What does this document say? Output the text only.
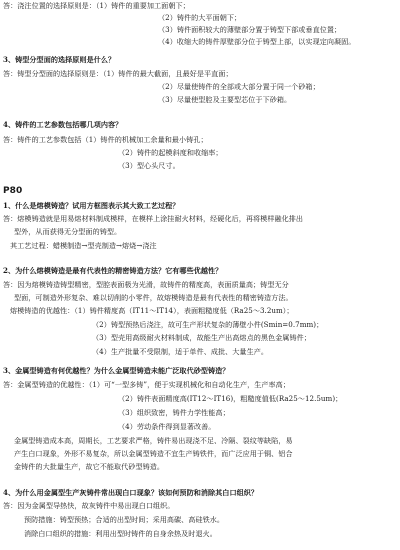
答：浇注位置的选择原则是：（1）铸件的重要加工面朝下；
（2）铸件的大平面朝下；
（3）铸件面积较大的薄壁部分置于铸型下部或垂直位置；
（4）收缩大的铸件厚壁部分位于铸型上部，以实现定向凝固。
3、铸型分型面的选择原则是什么？
答：铸型分型面的选择原则是：（1）铸件的最大截面，且最好是平直面；
（2）尽量使铸件的全部或大部分置于同一个砂箱；
（3）尽量使型腔及主要型芯位于下砂箱。
4、铸件的工艺参数包括哪几项内容？
答：铸件的工艺参数包括（1）铸件的机械加工余量和最小铸孔；
（2）铸件的起模斜度和收缩率；
（3）型心头尺寸。
P80
1、什么是熔模铸造？试用方框图表示其大致工艺过程？
答：熔模铸造就是用易熔材料制成模样，在模样上涂挂耐火材料，经硬化后，再将模样融化排出
型外，从而获得无分型面的铸型。
其工艺过程：蜡模制造→型壳制造→熔烧→浇注
2、为什么熔模铸造是最有代表性的精密铸造方法？它有哪些优越性？
答：因为熔模铸造铸型精密，型腔表面极为光滑，故铸件的精度高，表面质量高；铸型无分
型面，可制造外形复杂、难以切削的小零件，故熔模铸造是最有代表性的精密铸造方法。
熔模铸造的优越性：（1）铸件精度高（IT11～IT14），表面粗糙度低（Ra25～3.2um）；
（2）铸型预热后浇注，故可生产形状复杂的薄壁小件(Smin=0.7mm)；
（3）型壳用高级耐火材料制成，故能生产出高熔点的黑色金属铸件；
（4）生产批量不受限制，适于单件、成批、大量生产。
3、金属型铸造有何优越性？为什么金属型铸造未能广泛取代砂型铸造？
答：金属型铸造的优越性：（1）可“一型多铸”，便于实现机械化和自动化生产，生产率高；
（2）铸件表面精度高(IT12～IT16)，粗糙度值低(Ra25～12.5um)；
（3）组织致密，铸件力学性能高；
（4）劳动条件得到显著改善。
金属型铸造成本高，周期长，工艺要求严格，铸件易出现浇不足、冷隔、裂纹等缺陷，易
产生白口现象，外形不易复杂，所以金属型铸造不宜生产铸铁件，而广泛应用于铜、铝合
金铸件的大批量生产，故它不能取代砂型铸造。
4、为什么用金属型生产灰铸件常出现白口现象？该如何预防和消除其白口组织？
答：因为金属型导热快，故灰铸件中易出现白口组织。
预防措施：铸型预热；合适的出型时间；采用高碳、高硅铁水。
消除白口组织的措施：利用出型时铸件的自身余热及时退火。
